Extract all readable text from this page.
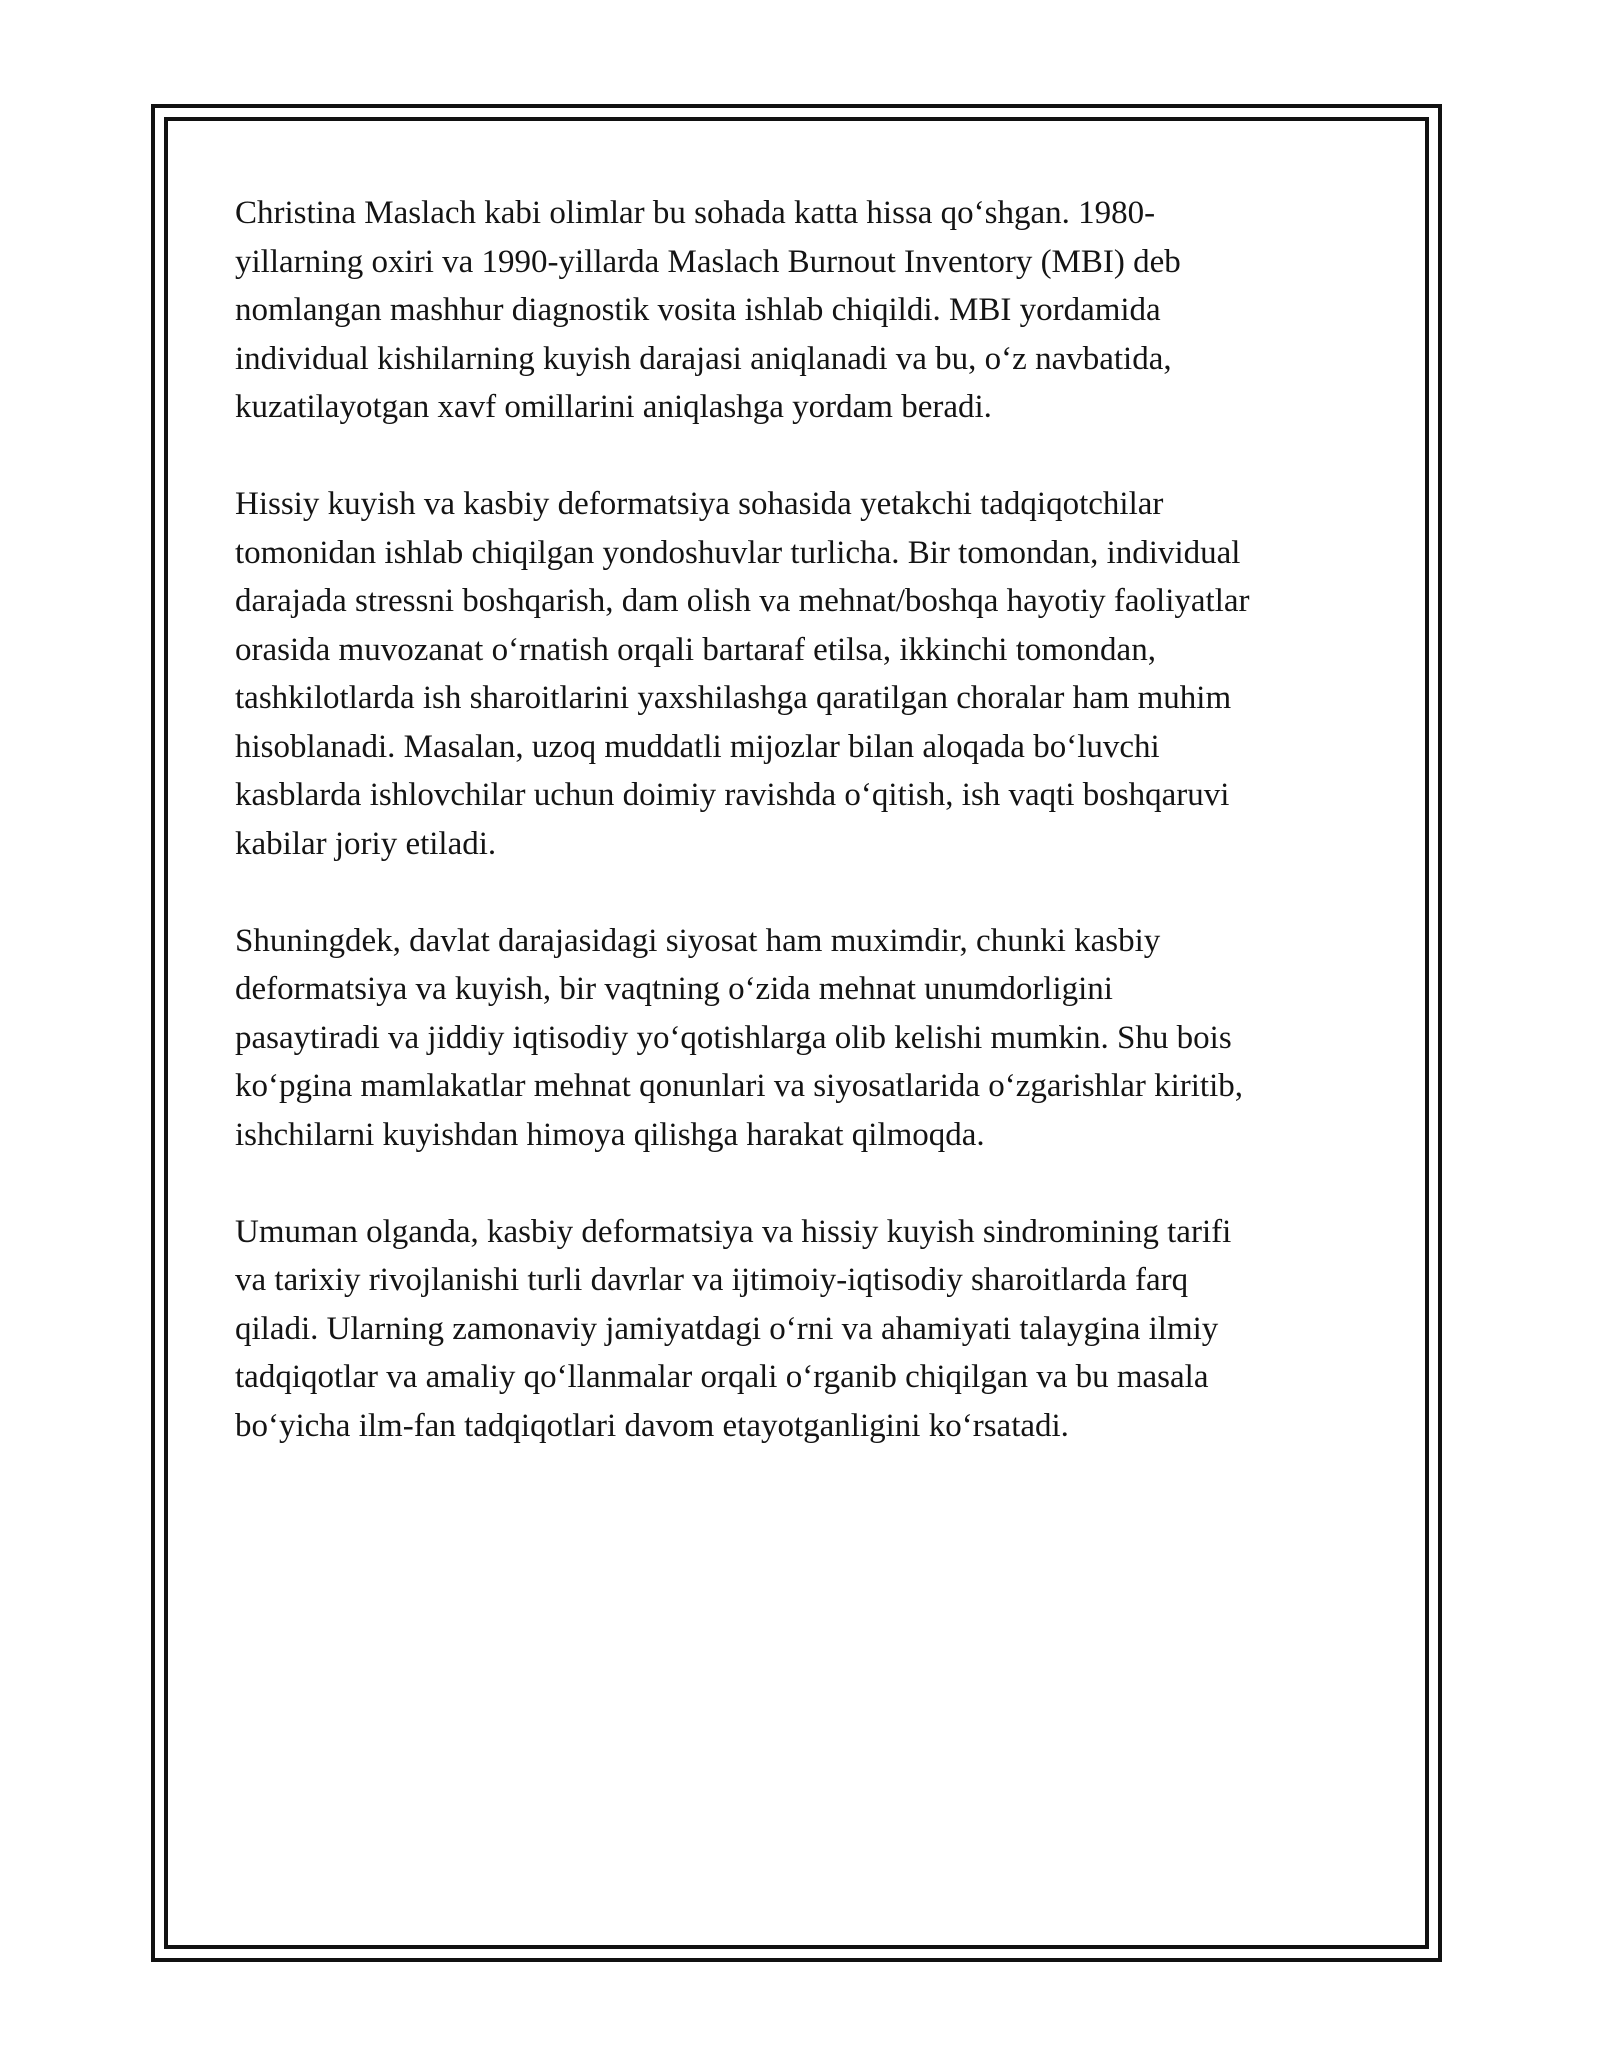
Christina Maslach kabi olimlar bu sohada katta hissa qo‘shgan. 1980-
yillarning oxiri va 1990-yillarda Maslach Burnout Inventory (MBI) deb
nomlangan mashhur diagnostik vosita ishlab chiqildi. MBI yordamida
individual kishilarning kuyish darajasi aniqlanadi va bu, o‘z navbatida,
kuzatilayotgan xavf omillarini aniqlashga yordam beradi.

Hissiy kuyish va kasbiy deformatsiya sohasida yetakchi tadqiqotchilar
tomonidan ishlab chiqilgan yondoshuvlar turlicha. Bir tomondan, individual
darajada stressni boshqarish, dam olish va mehnat/boshqa hayotiy faoliyatlar
orasida muvozanat o‘rnatish orqali bartaraf etilsa, ikkinchi tomondan,
tashkilotlarda ish sharoitlarini yaxshilashga qaratilgan choralar ham muhim
hisoblanadi. Masalan, uzoq muddatli mijozlar bilan aloqada bo‘luvchi
kasblarda ishlovchilar uchun doimiy ravishda o‘qitish, ish vaqti boshqaruvi
kabilar joriy etiladi.

Shuningdek, davlat darajasidagi siyosat ham muximdir, chunki kasbiy
deformatsiya va kuyish, bir vaqtning o‘zida mehnat unumdorligini
pasaytiradi va jiddiy iqtisodiy yo‘qotishlarga olib kelishi mumkin. Shu bois
ko‘pgina mamlakatlar mehnat qonunlari va siyosatlarida o‘zgarishlar kiritib,
ishchilarni kuyishdan himoya qilishga harakat qilmoqda.

Umuman olganda, kasbiy deformatsiya va hissiy kuyish sindromining tarifi
va tarixiy rivojlanishi turli davrlar va ijtimoiy-iqtisodiy sharoitlarda farq
qiladi. Ularning zamonaviy jamiyatdagi o‘rni va ahamiyati talaygina ilmiy
tadqiqotlar va amaliy qo‘llanmalar orqali o‘rganib chiqilgan va bu masala
bo‘yicha ilm-fan tadqiqotlari davom etayotganligini ko‘rsatadi.
